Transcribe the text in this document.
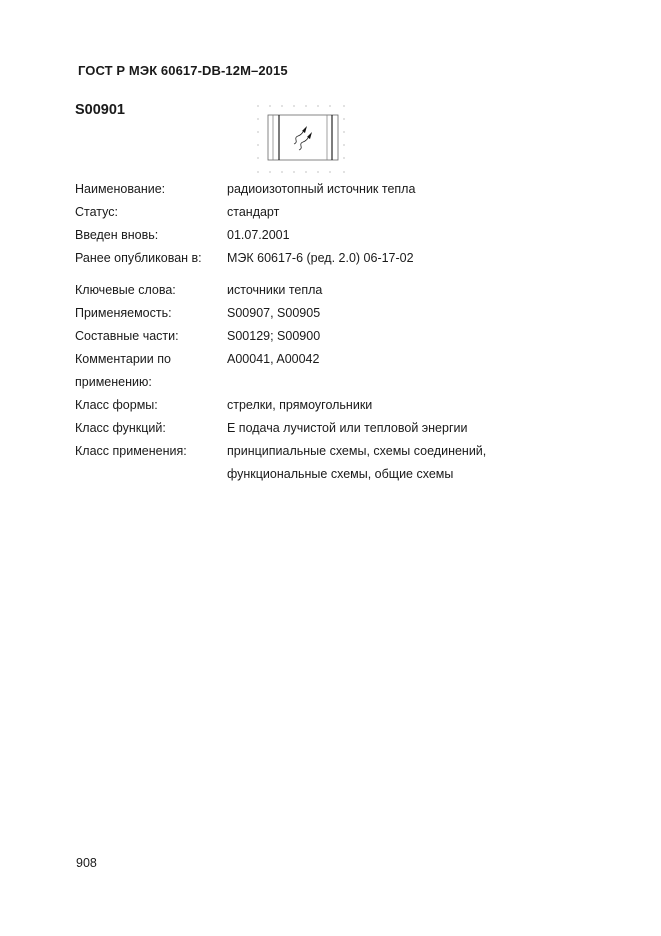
ГОСТ Р МЭК 60617-DB-12M–2015
S00901
Наименование:	радиоизотопный источник тепла
Статус:	стандарт
Введен вновь:	01.07.2001
Ранее опубликован в:	МЭК 60617-6 (ред. 2.0) 06-17-02
Ключевые слова:	источники тепла
Применяемость:	S00907, S00905
Составные части:	S00129; S00900
Комментарии по	A00041, A00042
применению:
Класс формы:	стрелки, прямоугольники
Класс функций:	E подача лучистой или тепловой энергии
Класс применения:	принципиальные схемы, схемы соединений,
функциональные схемы, общие схемы
908
